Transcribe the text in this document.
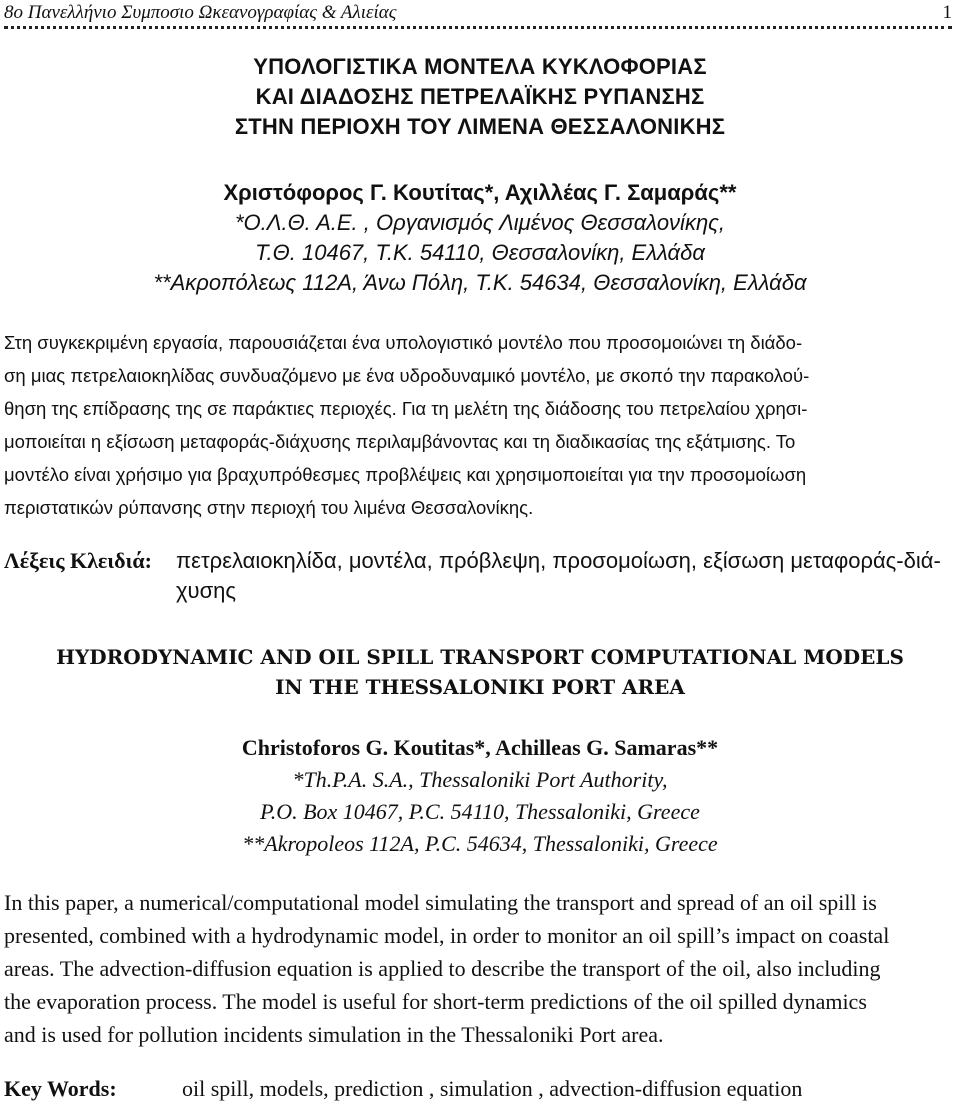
8ο Πανελλήνιο Συμποσιο Ωκεανογραφίας & Αλιείας	1
ΥΠΟΛΟΓΙΣΤΙΚΑ ΜΟΝΤΕΛΑ ΚΥΚΛΟΦΟΡΙΑΣ
ΚΑΙ ΔΙΑΔΟΣΗΣ ΠΕΤΡΕΛΑΪΚΗΣ ΡΥΠΑΝΣΗΣ
ΣΤΗΝ ΠΕΡΙΟΧΗ ΤΟΥ ΛΙΜΕΝΑ ΘΕΣΣΑΛΟΝΙΚΗΣ
Χριστόφορος Γ. Κουτίτας*, Αχιλλέας Γ. Σαμαράς**
*Ο.Λ.Θ. Α.Ε. , Οργανισμός Λιμένος Θεσσαλονίκης,
Τ.Θ. 10467, Τ.Κ. 54110, Θεσσαλονίκη, Ελλάδα
**Ακροπόλεως 112Α, Άνω Πόλη, Τ.Κ. 54634, Θεσσαλονίκη, Ελλάδα
Στη συγκεκριμένη εργασία, παρουσιάζεται ένα υπολογιστικό μοντέλο που προσομοιώνει τη διάδο-
ση μιας πετρελαιοκηλίδας συνδυαζόμενο με ένα υδροδυναμικό μοντέλο, με σκοπό την παρακολού-
θηση της επίδρασης της σε παράκτιες περιοχές. Για τη μελέτη της διάδοσης του πετρελαίου χρησι-
μοποιείται η εξίσωση μεταφοράς-διάχυσης περιλαμβάνοντας και τη διαδικασίας της εξάτμισης. Το
μοντέλο είναι χρήσιμο για βραχυπρόθεσμες προβλέψεις και χρησιμοποιείται για την προσομοίωση
περιστατικών ρύπανσης στην περιοχή του λιμένα Θεσσαλονίκης.
Λέξεις Κλειδιά: πετρελαιοκηλίδα, μοντέλα, πρόβλεψη, προσομοίωση, εξίσωση μεταφοράς-διά-
χυσης
HYDRODYNAMIC AND OIL SPILL TRANSPORT COMPUTATIONAL MODELS
IN THE THESSALONIKI PORT AREA
Christoforos G. Koutitas*, Achilleas G. Samaras**
*Th.P.A. S.A., Thessaloniki Port Authority,
P.O. Box 10467, P.C. 54110, Thessaloniki, Greece
**Akropoleos 112A, P.C. 54634, Thessaloniki, Greece
In this paper, a numerical/computational model simulating the transport and spread of an oil spill is
presented, combined with a hydrodynamic model, in order to monitor an oil spill’s impact on coastal
areas. The advection-diffusion equation is applied to describe the transport of the oil, also including
the evaporation process. The model is useful for short-term predictions of the oil spilled dynamics
and is used for pollution incidents simulation in the Thessaloniki Port area.
Key Words:	oil spill, models, prediction , simulation , advection-diffusion equation
